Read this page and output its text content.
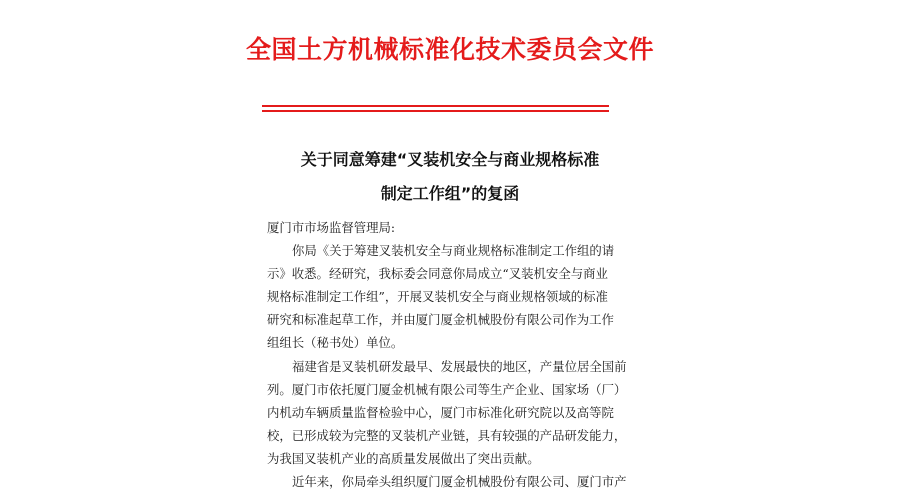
全国土方机械标准化技术委员会文件
关于同意筹建“叉装机安全与商业规格标准
制定工作组”的复函
厦门市市场监督管理局:
你局《关于筹建叉装机安全与商业规格标准制定工作组的请
示》收悉。经研究，我标委会同意你局成立“叉装机安全与商业
规格标准制定工作组”，开展叉装机安全与商业规格领域的标准
研究和标准起草工作，并由厦门厦金机械股份有限公司作为工作
组组长（秘书处）单位。
福建省是叉装机研发最早、发展最快的地区，产量位居全国前
列。厦门市依托厦门厦金机械有限公司等生产企业、国家场（厂）
内机动车辆质量监督检验中心，厦门市标准化研究院以及高等院
校，已形成较为完整的叉装机产业链，具有较强的产品研发能力，
为我国叉装机产业的高质量发展做出了突出贡献。
近年来，你局牵头组织厦门厦金机械股份有限公司、厦门市产
